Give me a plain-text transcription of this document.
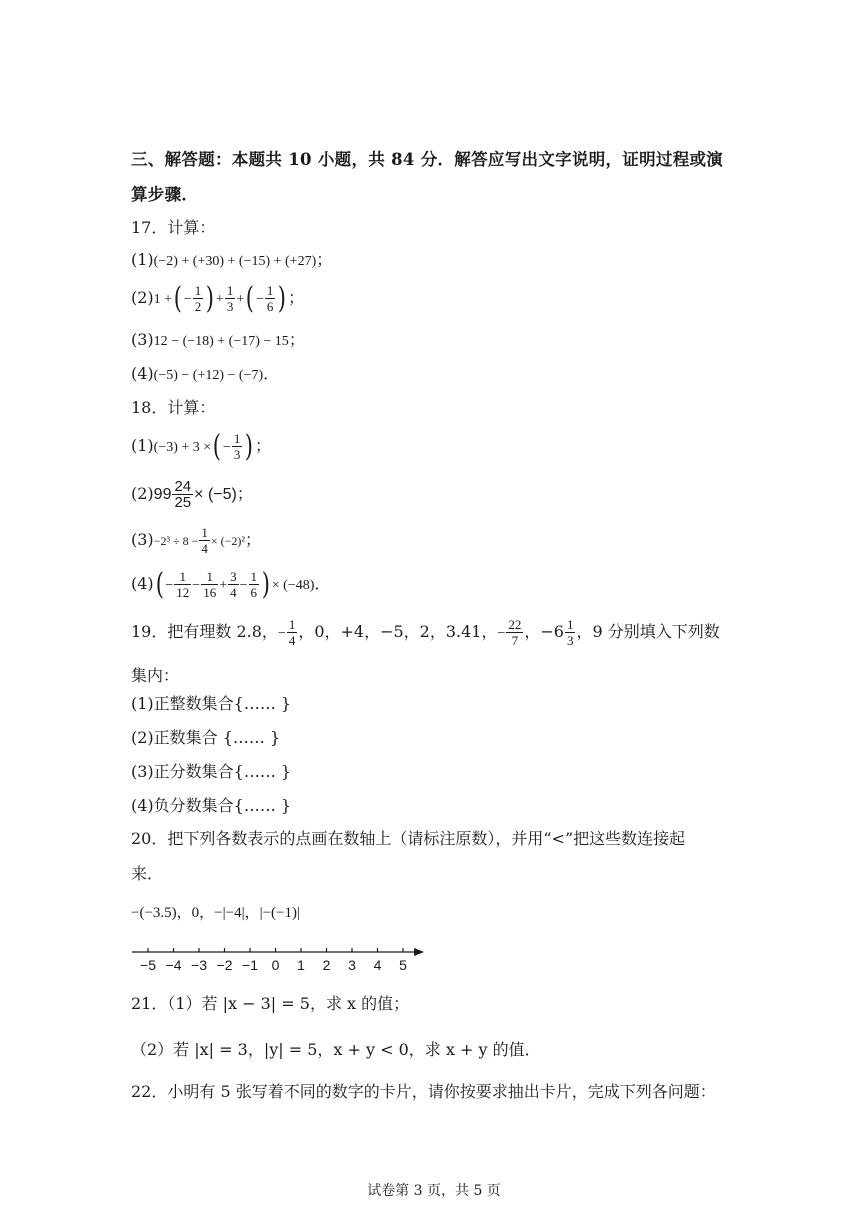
三、解答题：本题共 10 小题，共 84 分．解答应写出文字说明，证明过程或演
算步骤．
17．计算：
(1)(−2) + (+30) + (−15) + (+27)；
(2)1 +( − $\frac{1}{2}$ ) + $\frac{1}{3}$ +( − $\frac{1}{6}$ ) ；
(3)12 − (−18) + (−17) − 15；
(4)(−5) − (+12) − (−7)．
18．计算：
(1)(−3) + 3 ×( − $\frac{1}{3}$ ) ；
$(2)99 \frac{24}{25} \times (-5)$；
$(3)-2^3 \div 8 - \frac{1}{4} \times (-2)^2$；
$(4)( - \frac{1}{12} - \frac{1}{16} + \frac{3}{4} - \frac{1}{6}$ ) × (−48)．
19．把有理数 2.8，− $\frac{1}{4}$ ，0，+4，−5，2，3.41，− $\frac{22}{7}$ ，$-6 \frac{1}{3}$ ，9 分别填入下列数
集内：
(1)正整数集合{…… }
(2)正数集合 {…… }
(3)正分数集合{…… }
(4)负分数集合{…… }
20．把下列各数表示的点画在数轴上（请标注原数），并用“<”把这些数连接起
来．
−(−3.5)，0，−|−4|，|−(−1)|
−5 −4 −3 −2 −1 0 1 2 3 4 5
21．（1）若 |x − 3| = 5，求 x 的值；
（2）若 |x| = 3，|y| = 5，x + y < 0，求 x + y 的值．
22．小明有 5 张写着不同的数字的卡片，请你按要求抽出卡片，完成下列各问题：
试卷第 3 页，共 5 页
